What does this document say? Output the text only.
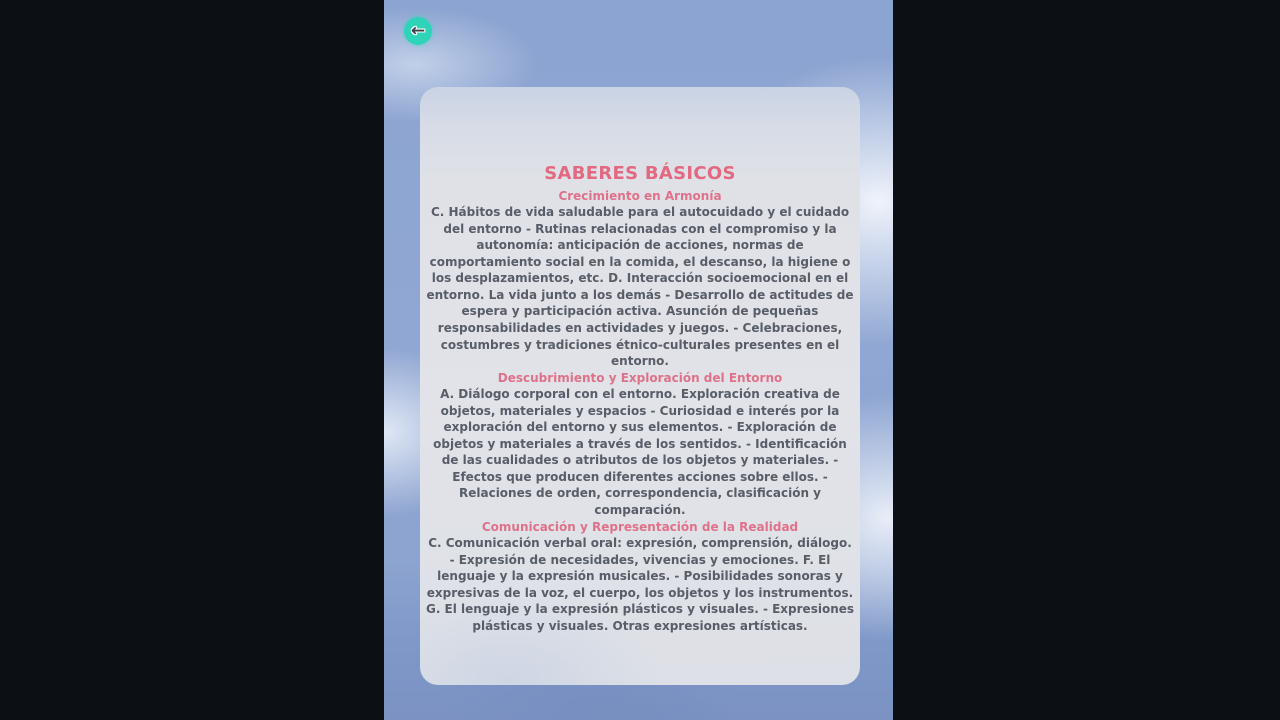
←
SABERES BÁSICOS
Crecimiento en Armonía
C. Hábitos de vida saludable para el autocuidado y el cuidado del entorno - Rutinas relacionadas con el compromiso y la autonomía: anticipación de acciones, normas de comportamiento social en la comida, el descanso, la higiene o los desplazamientos, etc. D. Interacción socioemocional en el entorno. La vida junto a los demás - Desarrollo de actitudes de espera y participación activa. Asunción de pequeñas responsabilidades en actividades y juegos. - Celebraciones, costumbres y tradiciones étnico-culturales presentes en el entorno.
Descubrimiento y Exploración del Entorno
A. Diálogo corporal con el entorno. Exploración creativa de objetos, materiales y espacios - Curiosidad e interés por la exploración del entorno y sus elementos. - Exploración de objetos y materiales a través de los sentidos. - Identificación de las cualidades o atributos de los objetos y materiales. - Efectos que producen diferentes acciones sobre ellos. - Relaciones de orden, correspondencia, clasificación y comparación.
Comunicación y Representación de la Realidad
C. Comunicación verbal oral: expresión, comprensión, diálogo. - Expresión de necesidades, vivencias y emociones. F. El lenguaje y la expresión musicales. - Posibilidades sonoras y expresivas de la voz, el cuerpo, los objetos y los instrumentos. G. El lenguaje y la expresión plásticos y visuales. - Expresiones plásticas y visuales. Otras expresiones artísticas.
